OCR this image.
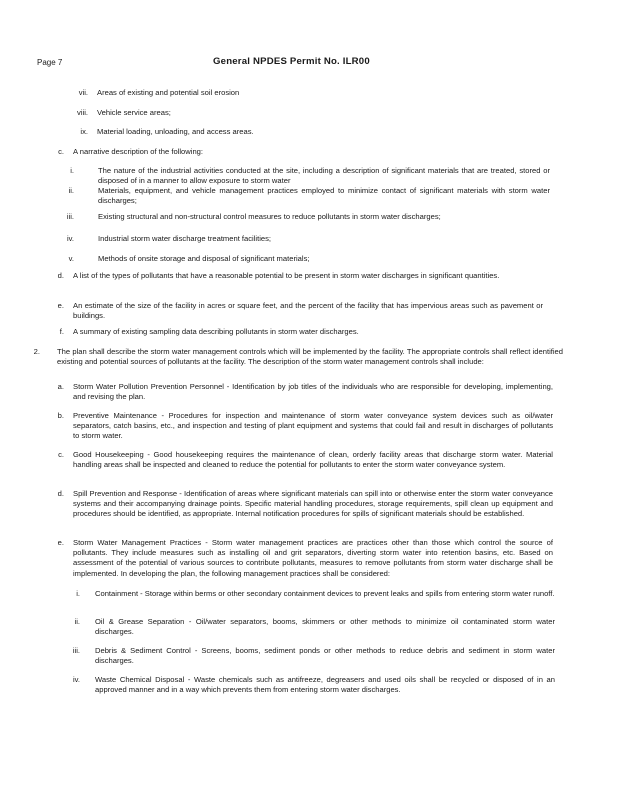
Page 7	General NPDES Permit No. ILR00
vii. Areas of existing and potential soil erosion
viii. Vehicle service areas;
ix. Material loading, unloading, and access areas.
c. A narrative description of the following:
i.	The nature of the industrial activities conducted at the site, including a description of significant materials that are treated, stored or disposed of in a manner to allow exposure to storm water
ii.	Materials, equipment, and vehicle management practices employed to minimize contact of significant materials with storm water discharges;
iii.	Existing structural and non-structural control measures to reduce pollutants in storm water discharges;
iv.	Industrial storm water discharge treatment facilities;
v.	Methods of onsite storage and disposal of significant materials;
d. A list of the types of pollutants that have a reasonable potential to be present in storm water discharges in significant quantities.
e. An estimate of the size of the facility in acres or square feet, and the percent of the facility that has impervious areas such as pavement or buildings.
f. A summary of existing sampling data describing pollutants in storm water discharges.
2. The plan shall describe the storm water management controls which will be implemented by the facility. The appropriate controls shall reflect identified existing and potential sources of pollutants at the facility. The description of the storm water management controls shall include:
a. Storm Water Pollution Prevention Personnel - Identification by job titles of the individuals who are responsible for developing, implementing, and revising the plan.
b. Preventive Maintenance - Procedures for inspection and maintenance of storm water conveyance system devices such as oil/water separators, catch basins, etc., and inspection and testing of plant equipment and systems that could fail and result in discharges of pollutants to storm water.
c. Good Housekeeping - Good housekeeping requires the maintenance of clean, orderly facility areas that discharge storm water. Material handling areas shall be inspected and cleaned to reduce the potential for pollutants to enter the storm water conveyance system.
d. Spill Prevention and Response - Identification of areas where significant materials can spill into or otherwise enter the storm water conveyance systems and their accompanying drainage points. Specific material handling procedures, storage requirements, spill clean up equipment and procedures should be identified, as appropriate. Internal notification procedures for spills of significant materials should be established.
e. Storm Water Management Practices - Storm water management practices are practices other than those which control the source of pollutants. They include measures such as installing oil and grit separators, diverting storm water into retention basins, etc. Based on assessment of the potential of various sources to contribute pollutants, measures to remove pollutants from storm water discharge shall be implemented. In developing the plan, the following management practices shall be considered:
i. Containment - Storage within berms or other secondary containment devices to prevent leaks and spills from entering storm water runoff.
ii. Oil & Grease Separation - Oil/water separators, booms, skimmers or other methods to minimize oil contaminated storm water discharges.
iii. Debris & Sediment Control - Screens, booms, sediment ponds or other methods to reduce debris and sediment in storm water discharges.
iv. Waste Chemical Disposal - Waste chemicals such as antifreeze, degreasers and used oils shall be recycled or disposed of in an approved manner and in a way which prevents them from entering storm water discharges.
